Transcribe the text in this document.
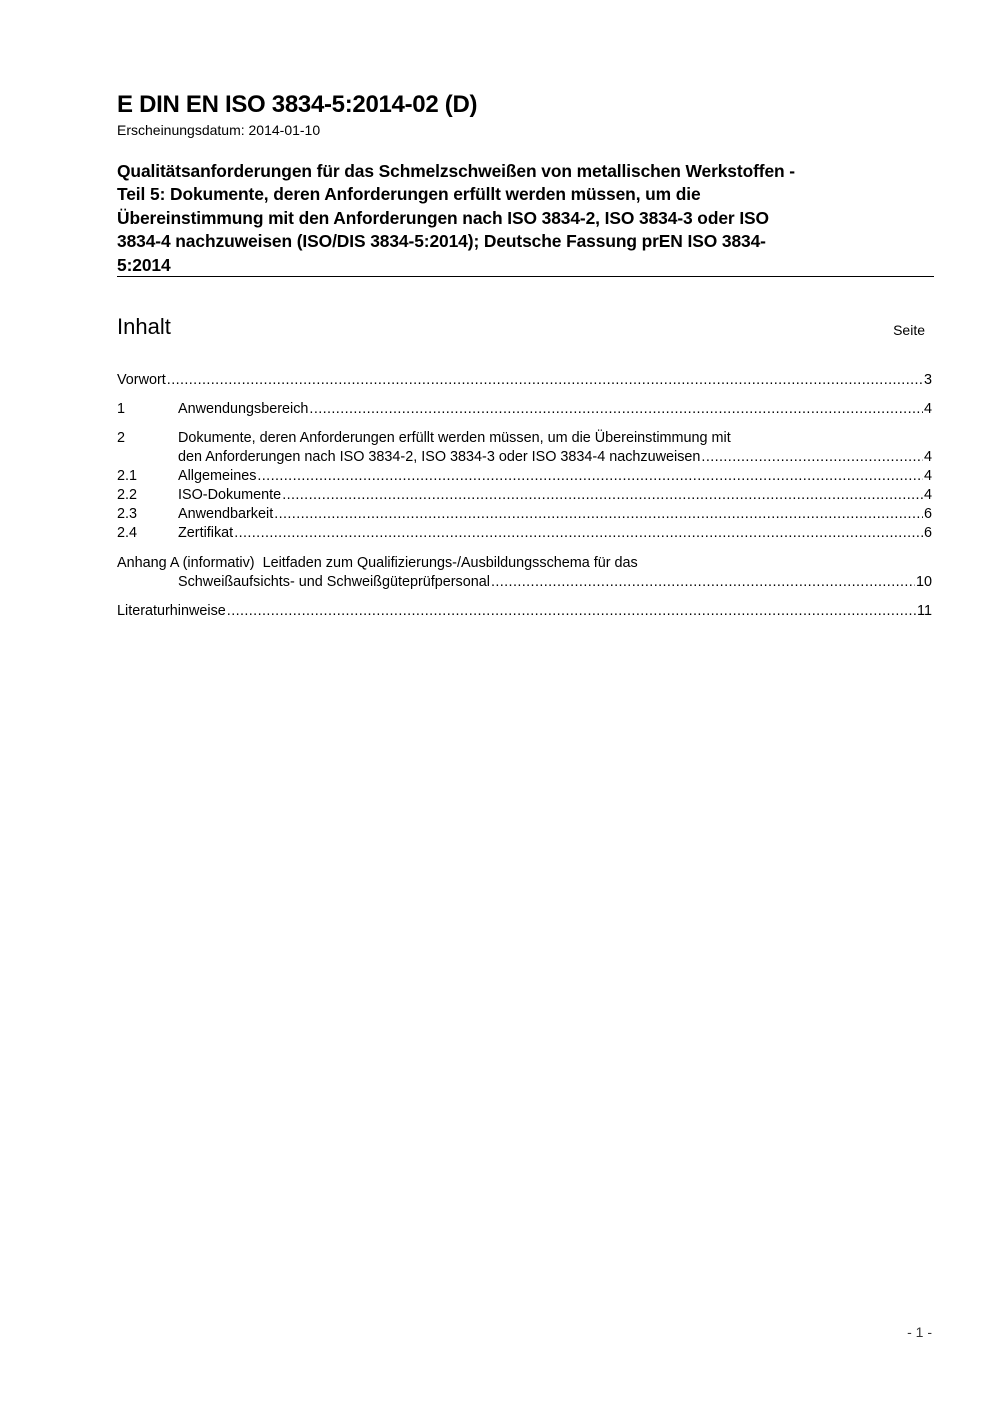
E DIN EN ISO 3834-5:2014-02 (D)
Erscheinungsdatum: 2014-01-10
Qualitätsanforderungen für das Schmelzschweißen von metallischen Werkstoffen -
Teil 5: Dokumente, deren Anforderungen erfüllt werden müssen, um die
Übereinstimmung mit den Anforderungen nach ISO 3834-2, ISO 3834-3 oder ISO
3834-4 nachzuweisen (ISO/DIS 3834-5:2014); Deutsche Fassung prEN ISO 3834-
5:2014
Inhalt	Seite
Vorwort .....	3
1	Anwendungsbereich .....	4
2	Dokumente, deren Anforderungen erfüllt werden müssen, um die Übereinstimmung mit
den Anforderungen nach ISO 3834-2, ISO 3834-3 oder ISO 3834-4 nachzuweisen .....	4
2.1	Allgemeines .....	4
2.2	ISO-Dokumente .....	4
2.3	Anwendbarkeit .....	6
2.4	Zertifikat .....	6
Anhang A (informativ) Leitfaden zum Qualifizierungs-/Ausbildungsschema für das
Schweißaufsichts- und Schweißgüteprüfpersonal .....	10
Literaturhinweise .....	11
- 1 -
